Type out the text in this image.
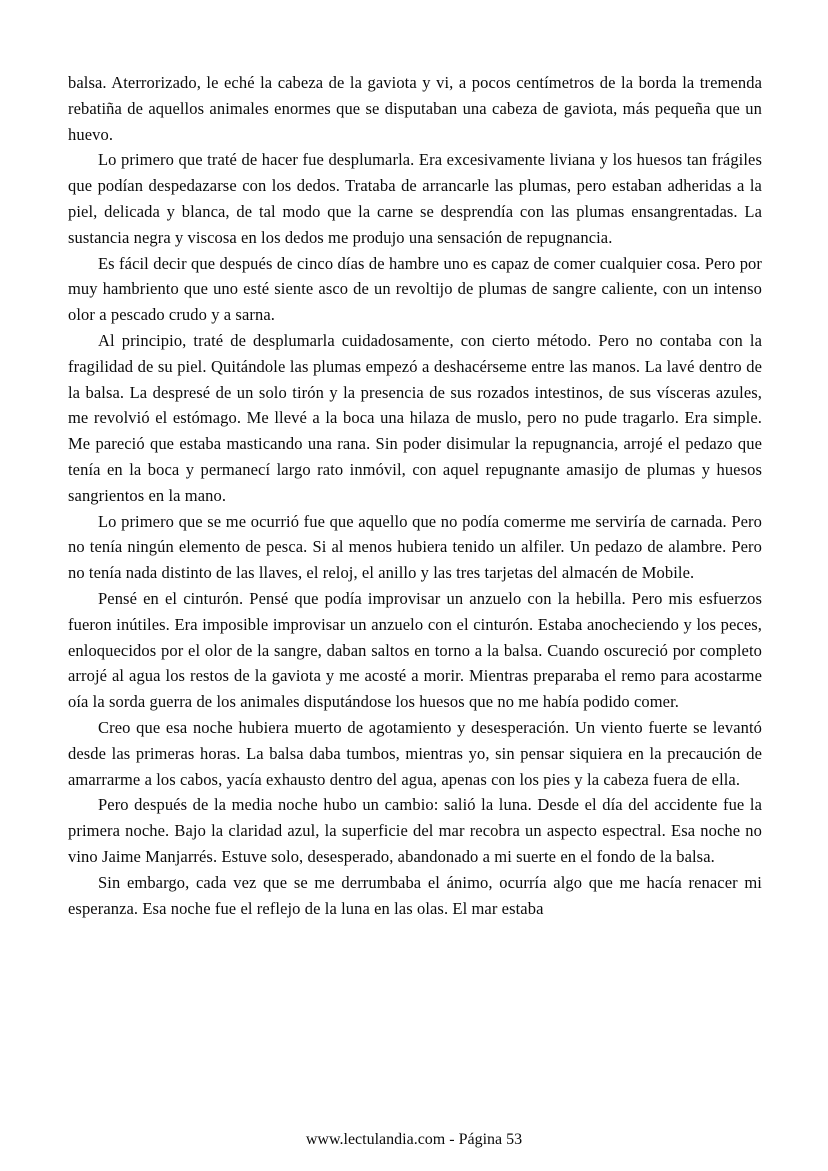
balsa. Aterrorizado, le eché la cabeza de la gaviota y vi, a pocos centímetros de la borda la tremenda rebatiña de aquellos animales enormes que se disputaban una cabeza de gaviota, más pequeña que un huevo.

Lo primero que traté de hacer fue desplumarla. Era excesivamente liviana y los huesos tan frágiles que podían despedazarse con los dedos. Trataba de arrancarle las plumas, pero estaban adheridas a la piel, delicada y blanca, de tal modo que la carne se desprendía con las plumas ensangrentadas. La sustancia negra y viscosa en los dedos me produjo una sensación de repugnancia.

Es fácil decir que después de cinco días de hambre uno es capaz de comer cualquier cosa. Pero por muy hambriento que uno esté siente asco de un revoltijo de plumas de sangre caliente, con un intenso olor a pescado crudo y a sarna.

Al principio, traté de desplumarla cuidadosamente, con cierto método. Pero no contaba con la fragilidad de su piel. Quitándole las plumas empezó a deshacérseme entre las manos. La lavé dentro de la balsa. La despresé de un solo tirón y la presencia de sus rozados intestinos, de sus vísceras azules, me revolvió el estómago. Me llevé a la boca una hilaza de muslo, pero no pude tragarlo. Era simple. Me pareció que estaba masticando una rana. Sin poder disimular la repugnancia, arrojé el pedazo que tenía en la boca y permanecí largo rato inmóvil, con aquel repugnante amasijo de plumas y huesos sangrientos en la mano.

Lo primero que se me ocurrió fue que aquello que no podía comerme me serviría de carnada. Pero no tenía ningún elemento de pesca. Si al menos hubiera tenido un alfiler. Un pedazo de alambre. Pero no tenía nada distinto de las llaves, el reloj, el anillo y las tres tarjetas del almacén de Mobile.

Pensé en el cinturón. Pensé que podía improvisar un anzuelo con la hebilla. Pero mis esfuerzos fueron inútiles. Era imposible improvisar un anzuelo con el cinturón. Estaba anocheciendo y los peces, enloquecidos por el olor de la sangre, daban saltos en torno a la balsa. Cuando oscureció por completo arrojé al agua los restos de la gaviota y me acosté a morir. Mientras preparaba el remo para acostarme oía la sorda guerra de los animales disputándose los huesos que no me había podido comer.

Creo que esa noche hubiera muerto de agotamiento y desesperación. Un viento fuerte se levantó desde las primeras horas. La balsa daba tumbos, mientras yo, sin pensar siquiera en la precaución de amarrarme a los cabos, yacía exhausto dentro del agua, apenas con los pies y la cabeza fuera de ella.

Pero después de la media noche hubo un cambio: salió la luna. Desde el día del accidente fue la primera noche. Bajo la claridad azul, la superficie del mar recobra un aspecto espectral. Esa noche no vino Jaime Manjarrés. Estuve solo, desesperado, abandonado a mi suerte en el fondo de la balsa.

Sin embargo, cada vez que se me derrumbaba el ánimo, ocurría algo que me hacía renacer mi esperanza. Esa noche fue el reflejo de la luna en las olas. El mar estaba

www.lectulandia.com - Página 53
